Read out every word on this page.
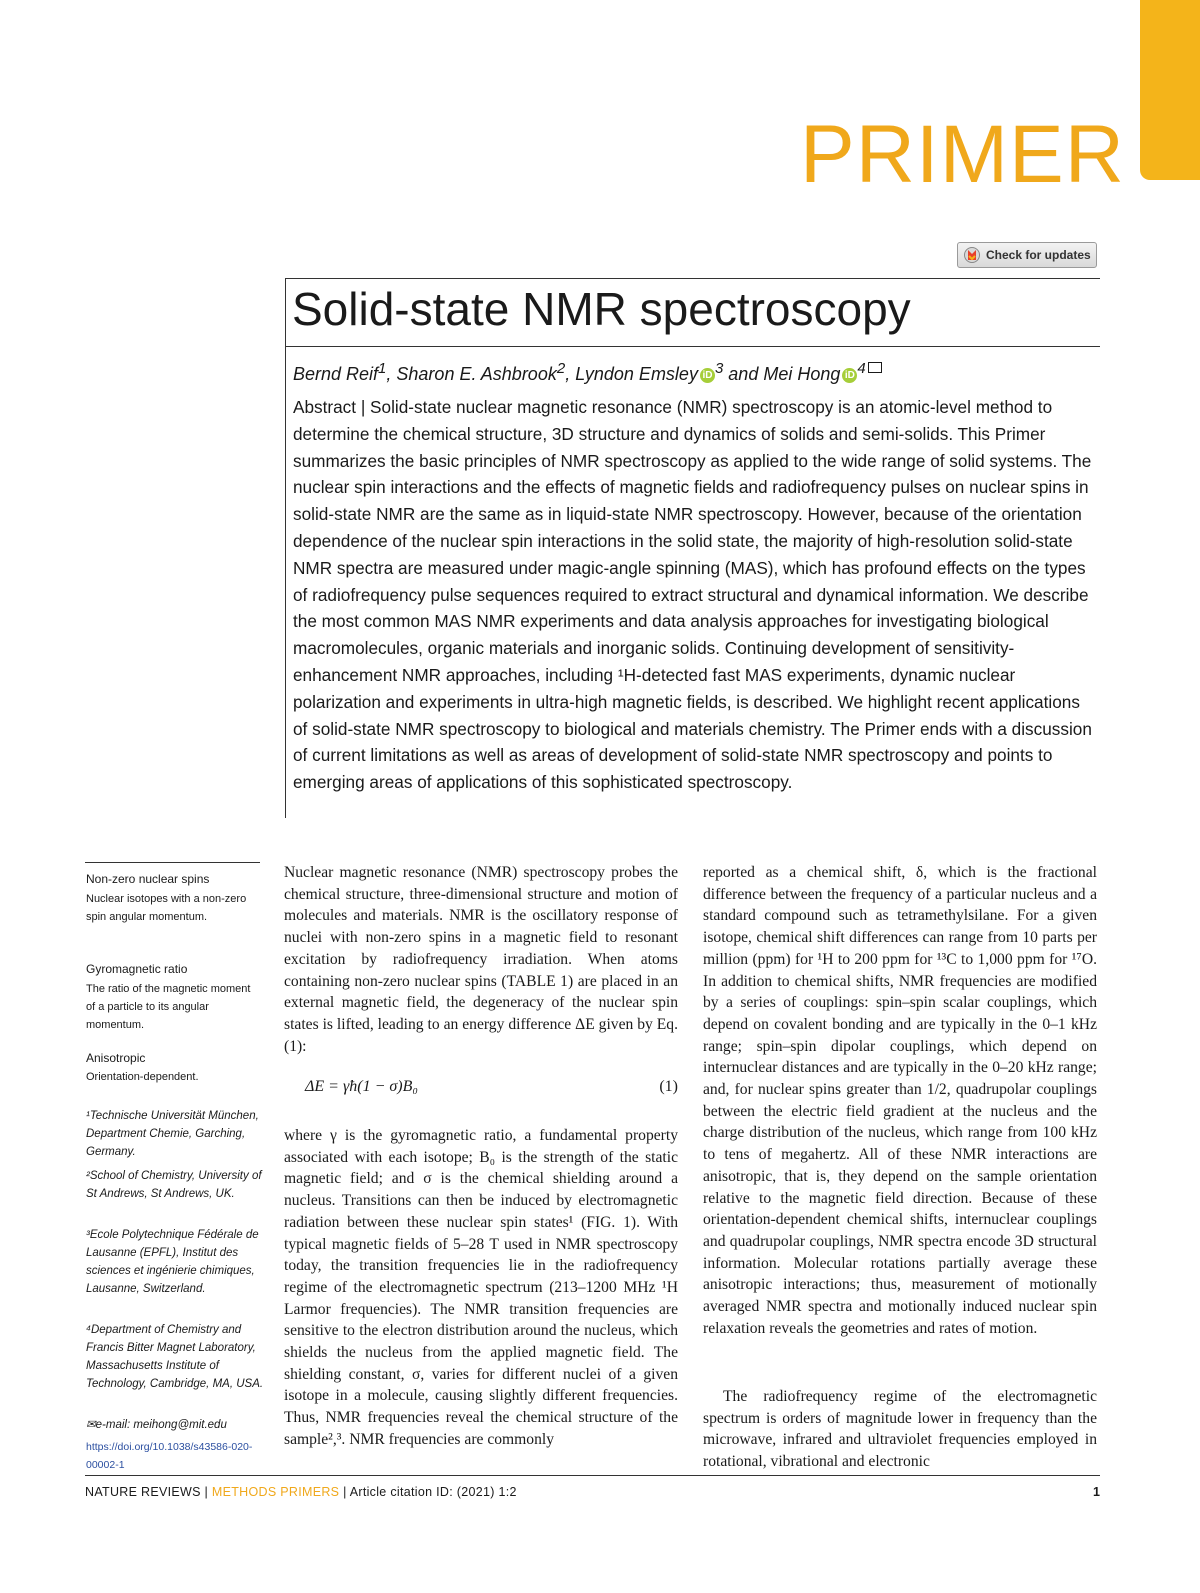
PRIMER
Check for updates
Solid-state NMR spectroscopy
Bernd Reif$^1$, Sharon E. Ashbrook$^2$, Lyndon Emsley iD $^3$ and Mei Hong iD $^4$

Abstract | Solid-state nuclear magnetic resonance (NMR) spectroscopy is an atomic-level method to determine the chemical structure, 3D structure and dynamics of solids and semi-solids. This Primer summarizes the basic principles of NMR spectroscopy as applied to the wide range of solid systems. The nuclear spin interactions and the effects of magnetic fields and radiofrequency pulses on nuclear spins in solid-state NMR are the same as in liquid-state NMR spectroscopy. However, because of the orientation dependence of the nuclear spin interactions in the solid state, the majority of high-resolution solid-state NMR spectra are measured under magic-angle spinning (MAS), which has profound effects on the types of radiofrequency pulse sequences required to extract structural and dynamical information. We describe the most common MAS NMR experiments and data analysis approaches for investigating biological macromolecules, organic materials and inorganic solids. Continuing development of sensitivity-enhancement NMR approaches, including ¹H-detected fast MAS experiments, dynamic nuclear polarization and experiments in ultra-high magnetic fields, is described. We highlight recent applications of solid-state NMR spectroscopy to biological and materials chemistry. The Primer ends with a discussion of current limitations as well as areas of development of solid-state NMR spectroscopy and points to emerging areas of applications of this sophisticated spectroscopy.

Non-zero nuclear spins
Nuclear isotopes with a non-zero spin angular momentum.
Gyromagnetic ratio
The ratio of the magnetic moment of a particle to its angular momentum.
Anisotropic
Orientation-dependent.
¹Technische Universität München, Department Chemie, Garching, Germany.
²School of Chemistry, University of St Andrews, St Andrews, UK.
³Ecole Polytechnique Fédérale de Lausanne (EPFL), Institut des sciences et ingénierie chimiques, Lausanne, Switzerland.
⁴Department of Chemistry and Francis Bitter Magnet Laboratory, Massachusetts Institute of Technology, Cambridge, MA, USA.
✉e-mail: meihong@mit.edu
https://doi.org/10.1038/s43586-020-00002-1
Nuclear magnetic resonance (NMR) spectroscopy probes the chemical structure, three-dimensional structure and motion of molecules and materials. NMR is the oscillatory response of nuclei with non-zero spins in a magnetic field to resonant excitation by radiofrequency irradiation. When atoms containing non-zero nuclear spins (TABLE 1) are placed in an external magnetic field, the degeneracy of the nuclear spin states is lifted, leading to an energy difference ΔE given by Eq. (1):
ΔE = γħ(1 − σ)B₀	(1)
where γ is the gyromagnetic ratio, a fundamental property associated with each isotope; B₀ is the strength of the static magnetic field; and σ is the chemical shielding around a nucleus. Transitions can then be induced by electromagnetic radiation between these nuclear spin states¹ (FIG. 1). With typical magnetic fields of 5–28 T used in NMR spectroscopy today, the transition frequencies lie in the radiofrequency regime of the electromagnetic spectrum (213–1200 MHz ¹H Larmor frequencies). The NMR transition frequencies are sensitive to the electron distribution around the nucleus, which shields the nucleus from the applied magnetic field. The shielding constant, σ, varies for different nuclei of a given isotope in a molecule, causing slightly different frequencies. Thus, NMR frequencies reveal the chemical structure of the sample²,³. NMR frequencies are commonly
reported as a chemical shift, δ, which is the fractional difference between the frequency of a particular nucleus and a standard compound such as tetramethylsilane. For a given isotope, chemical shift differences can range from 10 parts per million (ppm) for ¹H to 200 ppm for ¹³C to 1,000 ppm for ¹⁷O. In addition to chemical shifts, NMR frequencies are modified by a series of couplings: spin–spin scalar couplings, which depend on covalent bonding and are typically in the 0–1 kHz range; spin–spin dipolar couplings, which depend on internuclear distances and are typically in the 0–20 kHz range; and, for nuclear spins greater than 1/2, quadrupolar couplings between the electric field gradient at the nucleus and the charge distribution of the nucleus, which range from 100 kHz to tens of megahertz. All of these NMR interactions are anisotropic, that is, they depend on the sample orientation relative to the magnetic field direction. Because of these orientation-dependent chemical shifts, internuclear couplings and quadrupolar couplings, NMR spectra encode 3D structural information. Molecular rotations partially average these anisotropic interactions; thus, measurement of motionally averaged NMR spectra and motionally induced nuclear spin relaxation reveals the geometries and rates of motion.
The radiofrequency regime of the electromagnetic spectrum is orders of magnitude lower in frequency than the microwave, infrared and ultraviolet frequencies employed in rotational, vibrational and electronic
NATURE REVIEWS | METHODS PRIMERS | Article citation ID: (2021) 1:2	1
